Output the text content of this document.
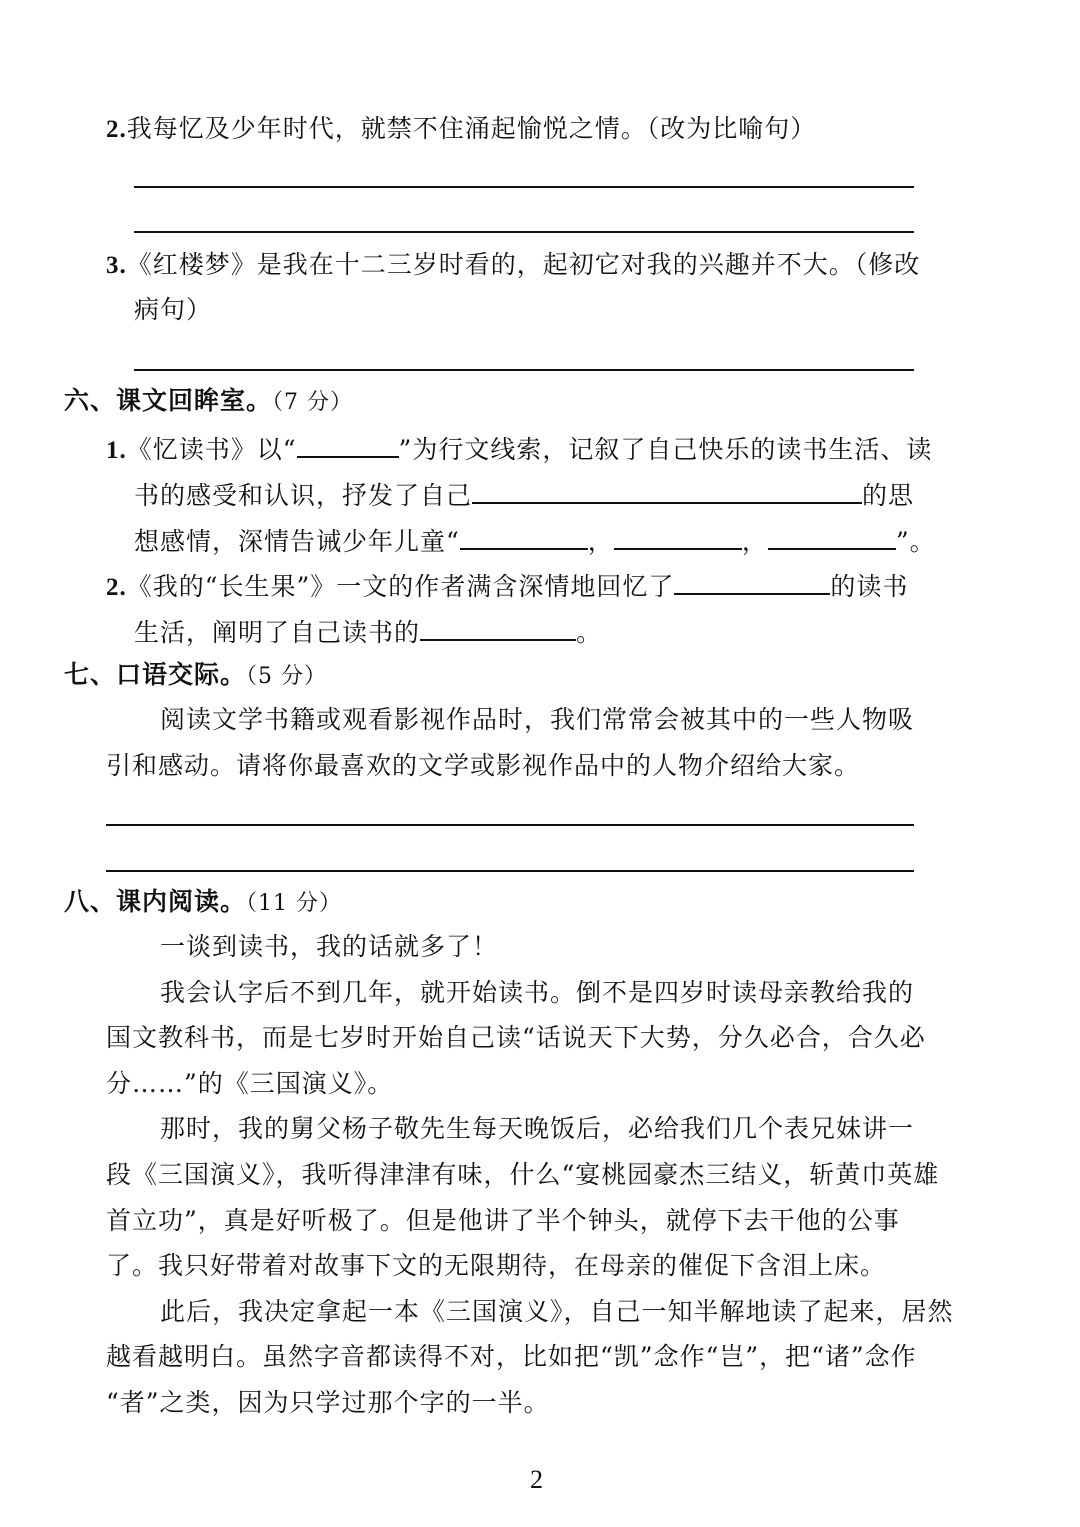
2.我每忆及少年时代，就禁不住涌起愉悦之情。（改为比喻句）
3.《红楼梦》是我在十二三岁时看的，起初它对我的兴趣并不大。（修改
病句）
六、课文回眸室。（7 分）
1.《忆读书》以“	”为行文线索，记叙了自己快乐的读书生活、读
书的感受和认识，抒发了自己	的思
想感情，深情告诫少年儿童“	，	，	”。
2.《我的“长生果”》一文的作者满含深情地回忆了	的读书
生活，阐明了自己读书的	。
七、口语交际。（5 分）
阅读文学书籍或观看影视作品时，我们常常会被其中的一些人物吸
引和感动。请将你最喜欢的文学或影视作品中的人物介绍给大家。
八、课内阅读。（11 分）
一谈到读书，我的话就多了！
我会认字后不到几年，就开始读书。倒不是四岁时读母亲教给我的
国文教科书，而是七岁时开始自己读“话说天下大势，分久必合，合久必
分……”的《三国演义》。
那时，我的舅父杨子敬先生每天晚饭后，必给我们几个表兄妹讲一
段《三国演义》，我听得津津有味，什么“宴桃园豪杰三结义，斩黄巾英雄
首立功”，真是好听极了。但是他讲了半个钟头，就停下去干他的公事
了。我只好带着对故事下文的无限期待，在母亲的催促下含泪上床。
此后，我决定拿起一本《三国演义》，自己一知半解地读了起来，居然
越看越明白。虽然字音都读得不对，比如把“凯”念作“岂”，把“诸”念作
“者”之类，因为只学过那个字的一半。
2
